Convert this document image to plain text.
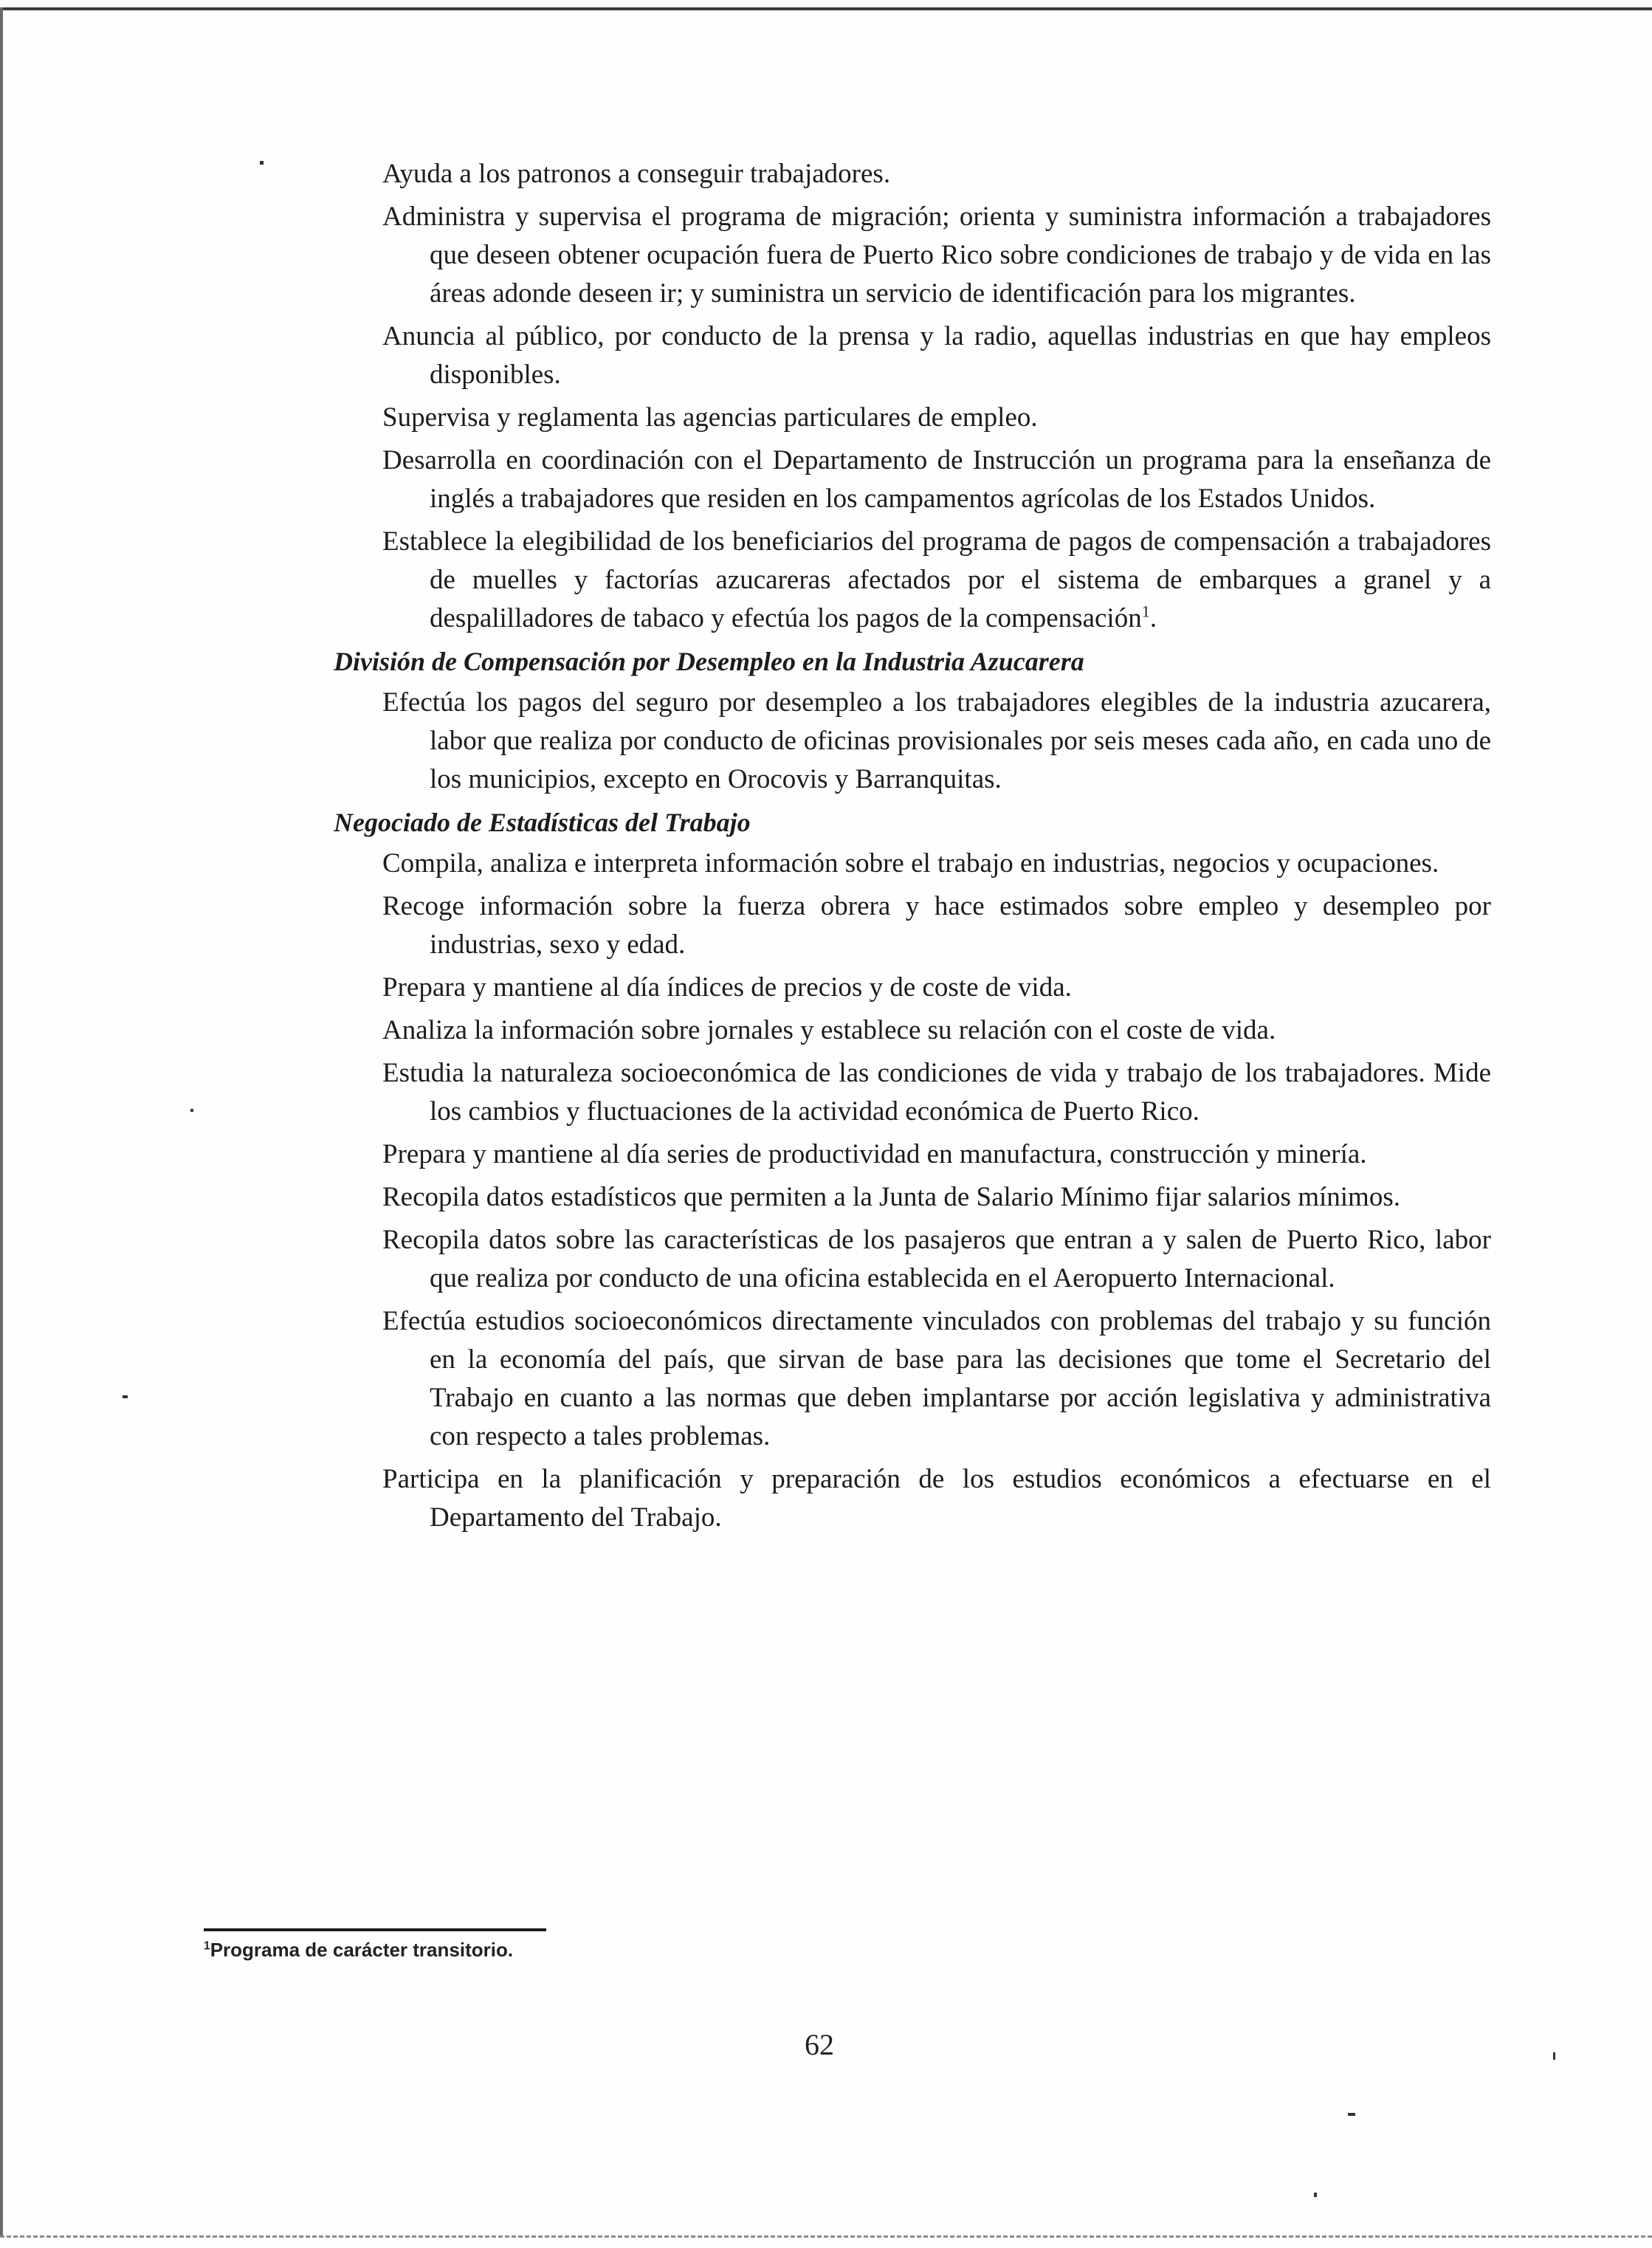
Ayuda a los patronos a conseguir trabajadores.

Administra y supervisa el programa de migración; orienta y suministra información a trabajadores que deseen obtener ocupación fuera de Puerto Rico sobre condiciones de trabajo y de vida en las áreas adonde deseen ir; y suministra un servicio de identificación para los migrantes.

Anuncia al público, por conducto de la prensa y la radio, aquellas industrias en que hay empleos disponibles.

Supervisa y reglamenta las agencias particulares de empleo.

Desarrolla en coordinación con el Departamento de Instrucción un programa para la enseñanza de inglés a trabajadores que residen en los campamentos agrícolas de los Estados Unidos.

Establece la elegibilidad de los beneficiarios del programa de pagos de compensación a trabajadores de muelles y factorías azucareras afectados por el sistema de embarques a granel y a despalilladores de tabaco y efectúa los pagos de la compensación$^1$.

División de Compensación por Desempleo en la Industria Azucarera

Efectúa los pagos del seguro por desempleo a los trabajadores elegibles de la industria azucarera, labor que realiza por conducto de oficinas provisionales por seis meses cada año, en cada uno de los municipios, excepto en Orocovis y Barranquitas.

Negociado de Estadísticas del Trabajo

Compila, analiza e interpreta información sobre el trabajo en industrias, negocios y ocupaciones.

Recoge información sobre la fuerza obrera y hace estimados sobre empleo y desempleo por industrias, sexo y edad.

Prepara y mantiene al día índices de precios y de coste de vida.

Analiza la información sobre jornales y establece su relación con el coste de vida.

Estudia la naturaleza socioeconómica de las condiciones de vida y trabajo de los trabajadores. Mide los cambios y fluctuaciones de la actividad económica de Puerto Rico.

Prepara y mantiene al día series de productividad en manufactura, construcción y minería.

Recopila datos estadísticos que permiten a la Junta de Salario Mínimo fijar salarios mínimos.

Recopila datos sobre las características de los pasajeros que entran a y salen de Puerto Rico, labor que realiza por conducto de una oficina establecida en el Aeropuerto Internacional.

Efectúa estudios socioeconómicos directamente vinculados con problemas del trabajo y su función en la economía del país, que sirvan de base para las decisiones que tome el Secretario del Trabajo en cuanto a las normas que deben implantarse por acción legislativa y administrativa con respecto a tales problemas.

Participa en la planificación y preparación de los estudios económicos a efectuarse en el Departamento del Trabajo.

$^1$Programa de carácter transitorio.
62
